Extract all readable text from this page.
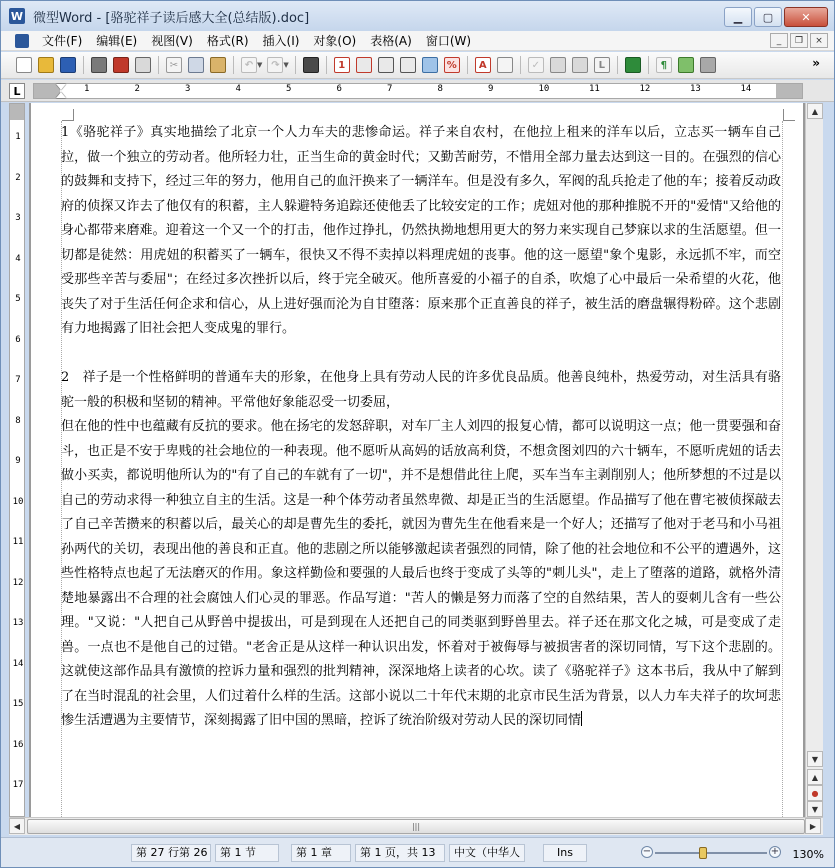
W 微型Word - [骆驼祥子读后感大全(总结版).doc]	▁	▢	✕
文件(F)	编辑(E)	视图(V)	格式(R)	插入(I)	对象(O)	表格(A)	窗口(W)	_	❐	×
✂	↶ ▼ ↷ ▼	1	%	A	✓	L	¶	»
L	1	2	3	4	5	6	7	8	9	10	11	12	13	14
1
2
3
4
5
6
7
8
9
10
11
12
13
14
15
16
17
1《骆驼祥子》真实地描绘了北京一个人力车夫的悲惨命运。祥子来自农村，在他拉上租来的洋车以后，立志买一辆车自己拉，做一个独立的劳动者。他所轻力壮，正当生命的黄金时代；又勤苦耐劳，不惜用全部力量去达到这一目的。在强烈的信心的鼓舞和支持下，经过三年的努力，他用自己的血汗换来了一辆洋车。但是没有多久，军阀的乱兵抢走了他的车；接着反动政府的侦探又诈去了他仅有的积蓄，主人躲避特务追踪还使他丢了比较安定的工作；虎妞对他的那种推脱不开的"爱情"又给他的身心都带来磨难。迎着这一个又一个的打击，他作过挣扎，仍然执拗地想用更大的努力来实现自己梦寐以求的生活愿望。但一切都是徒然：用虎妞的积蓄买了一辆车，很快又不得不卖掉以料理虎妞的丧事。他的这一愿望"象个鬼影，永远抓不牢，而空受那些辛苦与委屈"；在经过多次挫折以后，终于完全破灭。他所喜爱的小福子的自杀，吹熄了心中最后一朵希望的火花，他丧失了对于生活任何企求和信心，从上进好强而沦为自甘堕落：原来那个正直善良的祥子，被生活的磨盘辗得粉碎。这个悲剧有力地揭露了旧社会把人变成鬼的罪行。
2　祥子是一个性格鲜明的普通车夫的形象，在他身上具有劳动人民的许多优良品质。他善良纯朴，热爱劳动，对生活具有骆驼一般的积极和坚韧的精神。平常他好象能忍受一切委屈，
但在他的性中也蕴藏有反抗的要求。他在扬宅的发怒辞职，对车厂主人刘四的报复心情，都可以说明这一点；他一贯要强和奋斗，也正是不安于卑贱的社会地位的一种表现。他不愿听从高妈的话放高利贷，不想贪图刘四的六十辆车，不愿听虎妞的话去做小买卖，都说明他所认为的"有了自己的车就有了一切"，并不是想借此往上爬，买车当车主剥削别人；他所梦想的不过是以自己的劳动求得一种独立自主的生活。这是一种个体劳动者虽然卑微、却是正当的生活愿望。作品描写了他在曹宅被侦探敲去了自己辛苦攒来的积蓄以后，最关心的却是曹先生的委托，就因为曹先生在他看来是一个好人；还描写了他对于老马和小马祖孙两代的关切，表现出他的善良和正直。他的悲剧之所以能够激起读者强烈的同情，除了他的社会地位和不公平的遭遇外，这些性格特点也起了无法磨灭的作用。象这样勤俭和要强的人最后也终于变成了头等的"刺儿头"，走上了堕落的道路，就格外清楚地暴露出不合理的社会腐蚀人们心灵的罪恶。作品写道："苦人的懒是努力而落了空的自然结果，苦人的耍刺儿含有一些公理。"又说："人把自己从野兽中提拔出，可是到现在人还把自己的同类驱到野兽里去。祥子还在那文化之城，可是变成了走兽。一点也不是他自己的过错。"老舍正是从这样一种认识出发，怀着对于被侮辱与被损害者的深切同情，写下这个悲剧的。这就使这部作品具有激愤的控诉力量和强烈的批判精神，深深地烙上读者的心坎。读了《骆驼祥子》这本书后，我从中了解到了在当时混乱的社会里，人们过着什么样的生活。这部小说以二十年代末期的北京市民生活为背景，以人力车夫祥子的坎坷悲惨生活遭遇为主要情节，深刻揭露了旧中国的黑暗，控诉了统治阶级对劳动人民的深切同情
▲
▼
▲
●
▼
◀	|||	▶
第 27 行第 26	第 1 节	第 1 章	第 1 页，共 13	中文（中华人	Ins	−	+ 130%
